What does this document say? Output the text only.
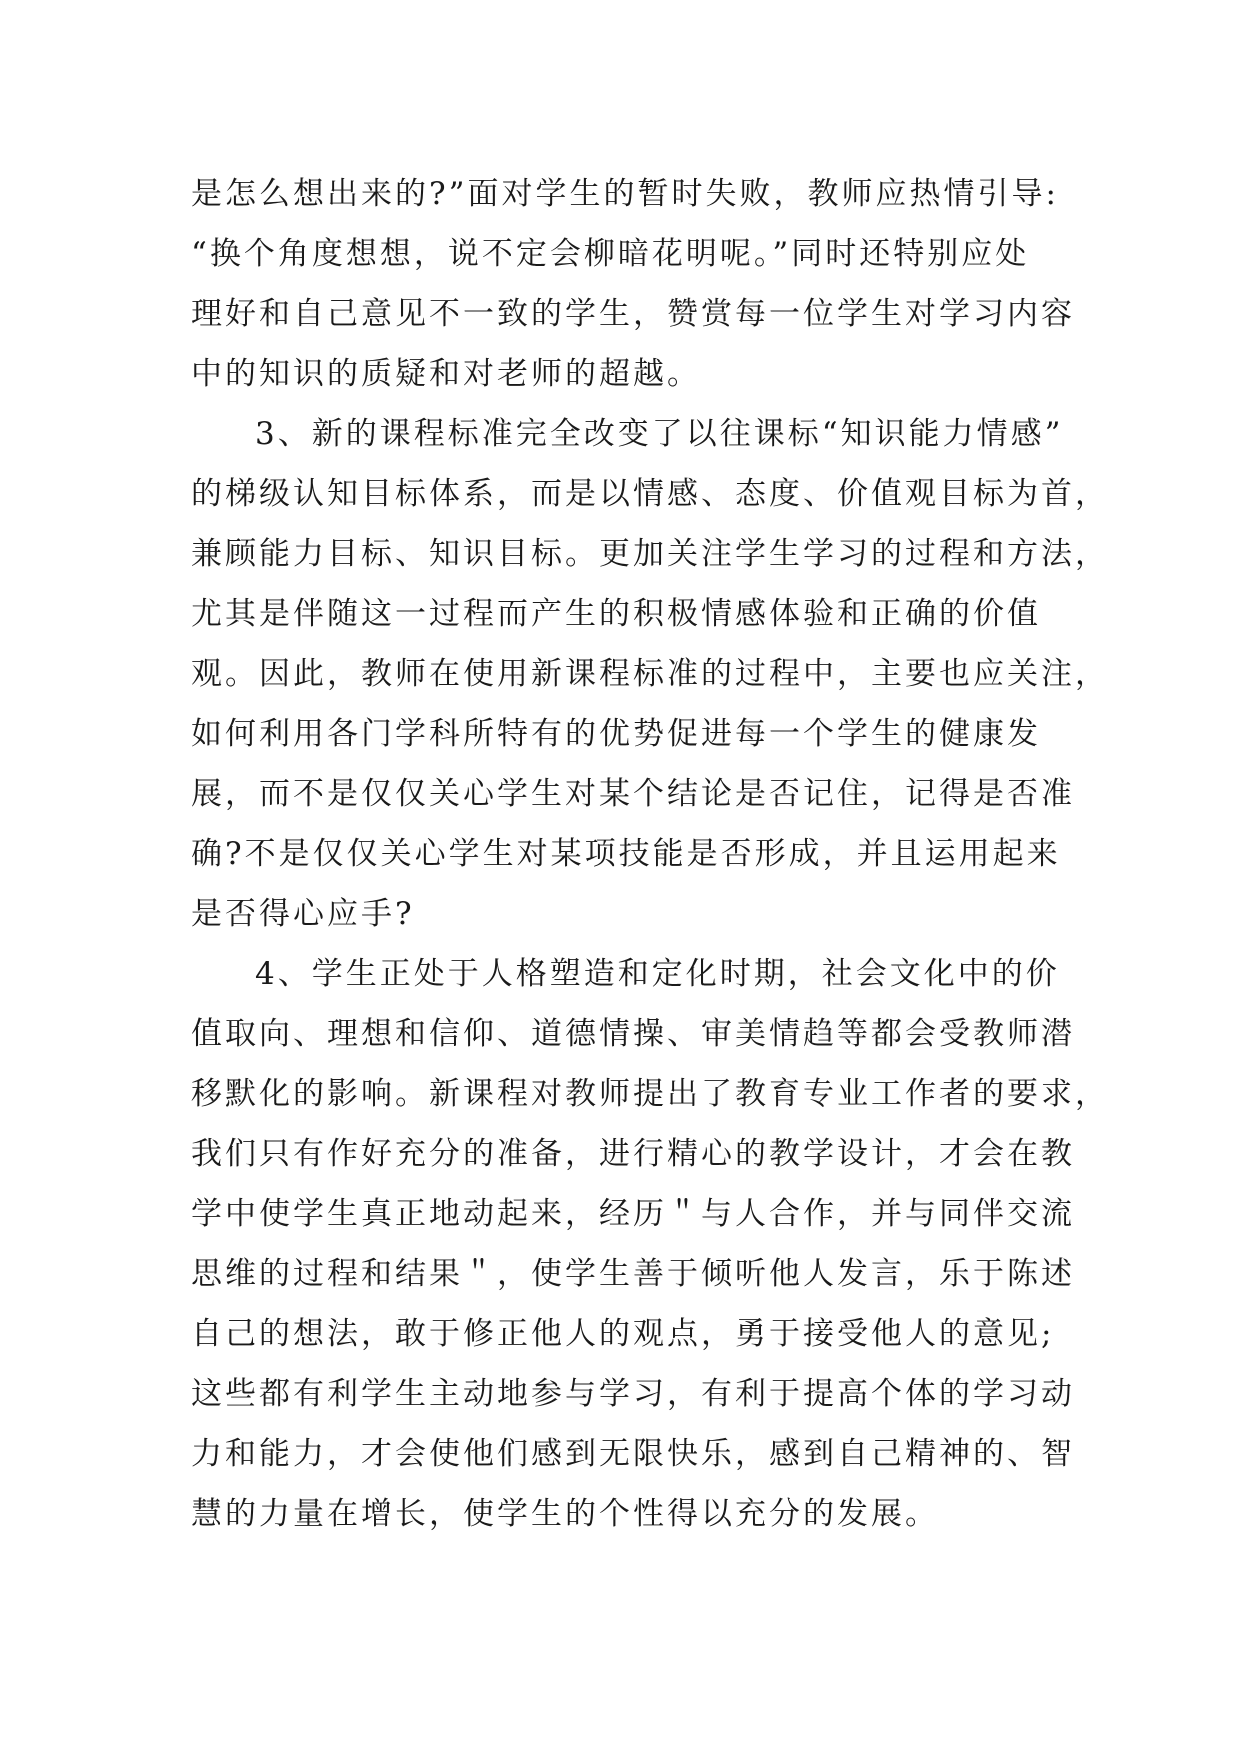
是怎么想出来的?”面对学生的暂时失败，教师应热情引导:
“换个角度想想，说不定会柳暗花明呢。”同时还特别应处
理好和自己意见不一致的学生，赞赏每一位学生对学习内容
中的知识的质疑和对老师的超越。
3、新的课程标准完全改变了以往课标“知识能力情感”
的梯级认知目标体系，而是以情感、态度、价值观目标为首，
兼顾能力目标、知识目标。更加关注学生学习的过程和方法，
尤其是伴随这一过程而产生的积极情感体验和正确的价值
观。因此，教师在使用新课程标准的过程中，主要也应关注，
如何利用各门学科所特有的优势促进每一个学生的健康发
展，而不是仅仅关心学生对某个结论是否记住，记得是否准
确?不是仅仅关心学生对某项技能是否形成，并且运用起来
是否得心应手?
4、学生正处于人格塑造和定化时期，社会文化中的价
值取向、理想和信仰、道德情操、审美情趋等都会受教师潜
移默化的影响。新课程对教师提出了教育专业工作者的要求，
我们只有作好充分的准备，进行精心的教学设计，才会在教
学中使学生真正地动起来，经历＂与人合作，并与同伴交流
思维的过程和结果＂，使学生善于倾听他人发言，乐于陈述
自己的想法，敢于修正他人的观点，勇于接受他人的意见;
这些都有利学生主动地参与学习，有利于提高个体的学习动
力和能力，才会使他们感到无限快乐，感到自己精神的、智
慧的力量在增长，使学生的个性得以充分的发展。
